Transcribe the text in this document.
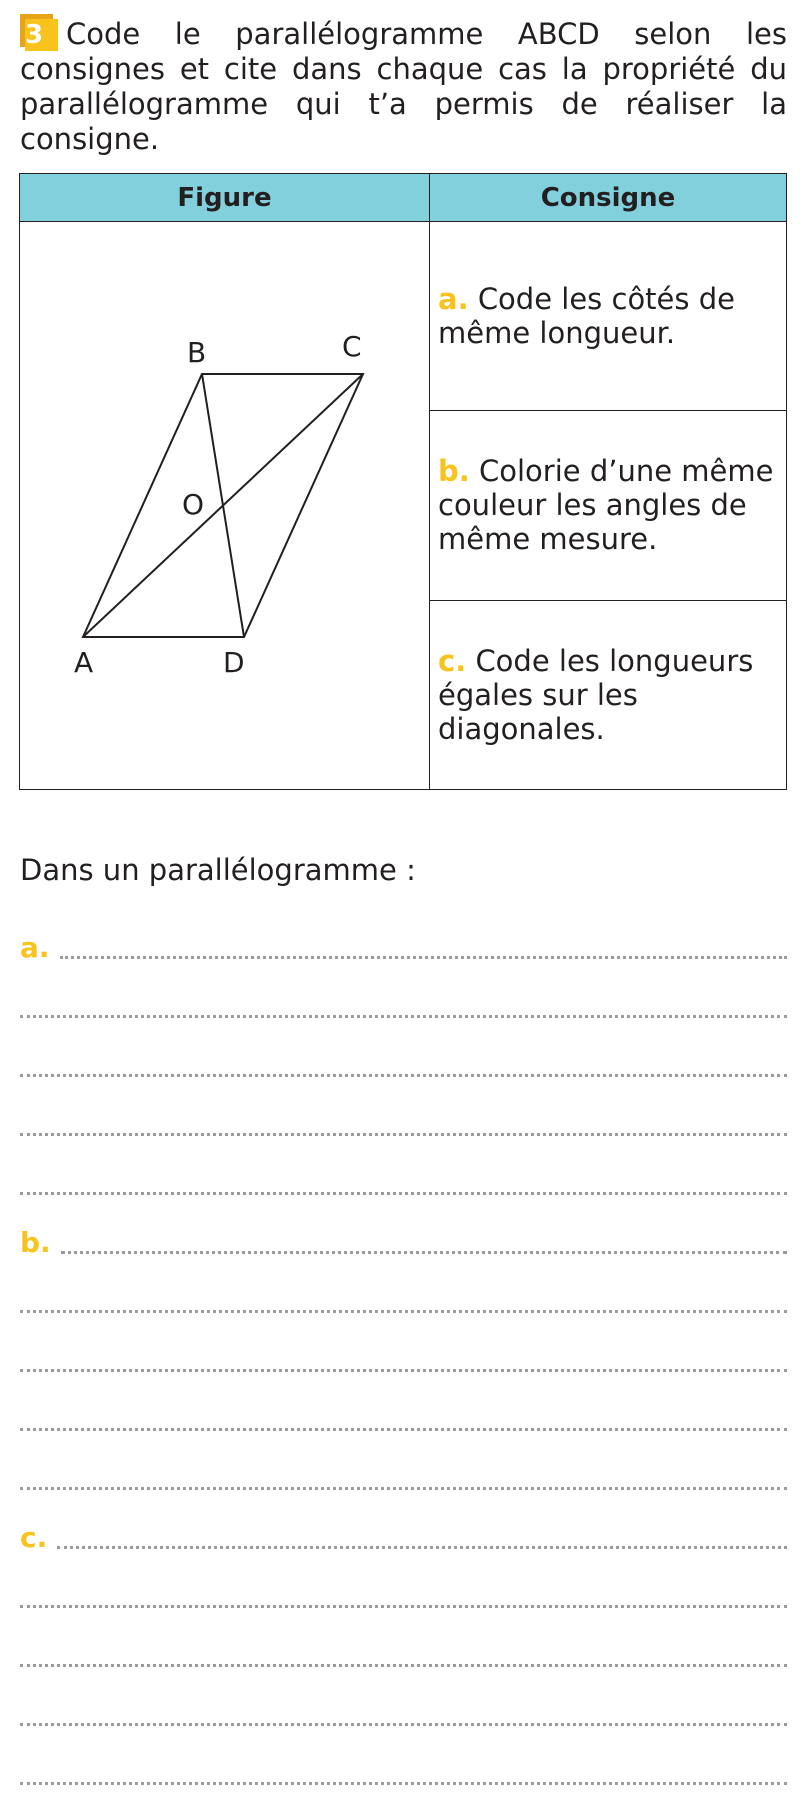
3 Code le parallélogramme ABCD selon les consignes et cite dans chaque cas la propriété du parallélogramme qui t’a permis de réaliser la consigne.
Figure	Consigne

B C
O
A D	a. Code les côtés de même longueur.
	b. Colorie d’une même couleur les angles de même mesure.
	c. Code les longueurs égales sur les diagonales.
Dans un parallélogramme :
a.
b.
c.
